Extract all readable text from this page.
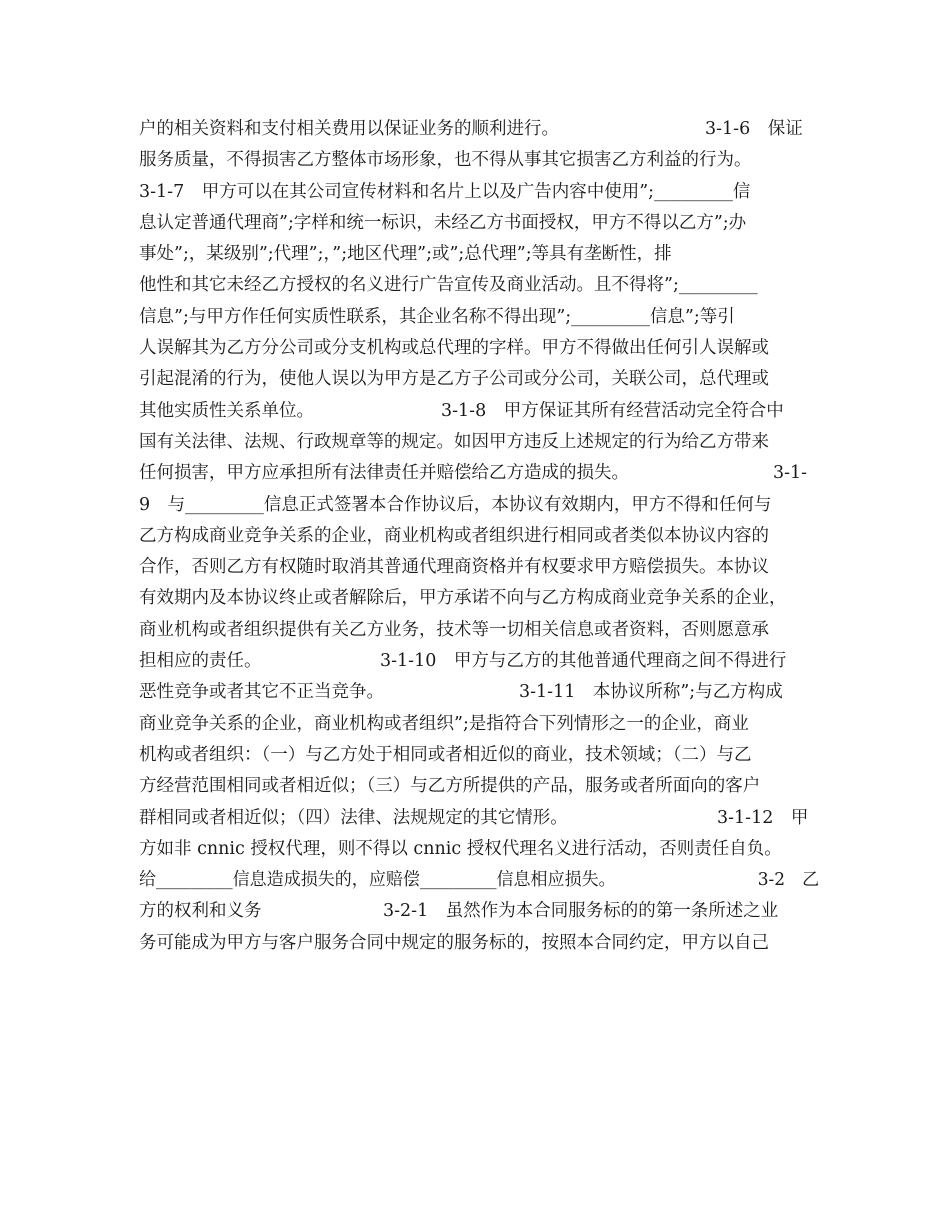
户的相关资料和支付相关费用以保证业务的顺利进行。	3-1-6　保证
服务质量，不得损害乙方整体市场形象，也不得从事其它损害乙方利益的行为。
3-1-7　甲方可以在其公司宣传材料和名片上以及广告内容中使用”;_________信
息认定普通代理商”;字样和统一标识，未经乙方书面授权，甲方不得以乙方”;办
事处”;，某级别”;代理”;，”;地区代理”;或”;总代理”;等具有垄断性，排
他性和其它未经乙方授权的名义进行广告宣传及商业活动。且不得将”;_________
信息”;与甲方作任何实质性联系，其企业名称不得出现”;_________信息”;等引
人误解其为乙方分公司或分支机构或总代理的字样。甲方不得做出任何引人误解或
引起混淆的行为，使他人误以为甲方是乙方子公司或分公司，关联公司，总代理或
其他实质性关系单位。	3-1-8　甲方保证其所有经营活动完全符合中
国有关法律、法规、行政规章等的规定。如因甲方违反上述规定的行为给乙方带来
任何损害，甲方应承担所有法律责任并赔偿给乙方造成的损失。	3-1-
9　与_________信息正式签署本合作协议后，本协议有效期内，甲方不得和任何与
乙方构成商业竞争关系的企业，商业机构或者组织进行相同或者类似本协议内容的
合作，否则乙方有权随时取消其普通代理商资格并有权要求甲方赔偿损失。本协议
有效期内及本协议终止或者解除后，甲方承诺不向与乙方构成商业竞争关系的企业，
商业机构或者组织提供有关乙方业务，技术等一切相关信息或者资料，否则愿意承
担相应的责任。	3-1-10　甲方与乙方的其他普通代理商之间不得进行
恶性竞争或者其它不正当竞争。	3-1-11　本协议所称”;与乙方构成
商业竞争关系的企业，商业机构或者组织”;是指符合下列情形之一的企业，商业
机构或者组织：（一）与乙方处于相同或者相近似的商业，技术领域；（二）与乙
方经营范围相同或者相近似；（三）与乙方所提供的产品，服务或者所面向的客户
群相同或者相近似；（四）法律、法规规定的其它情形。	3-1-12　甲
方如非 cnnic 授权代理，则不得以 cnnic 授权代理名义进行活动，否则责任自负。
给_________信息造成损失的，应赔偿_________信息相应损失。	3-2　乙
方的权利和义务	3-2-1　虽然作为本合同服务标的的第一条所述之业
务可能成为甲方与客户服务合同中规定的服务标的，按照本合同约定，甲方以自己
